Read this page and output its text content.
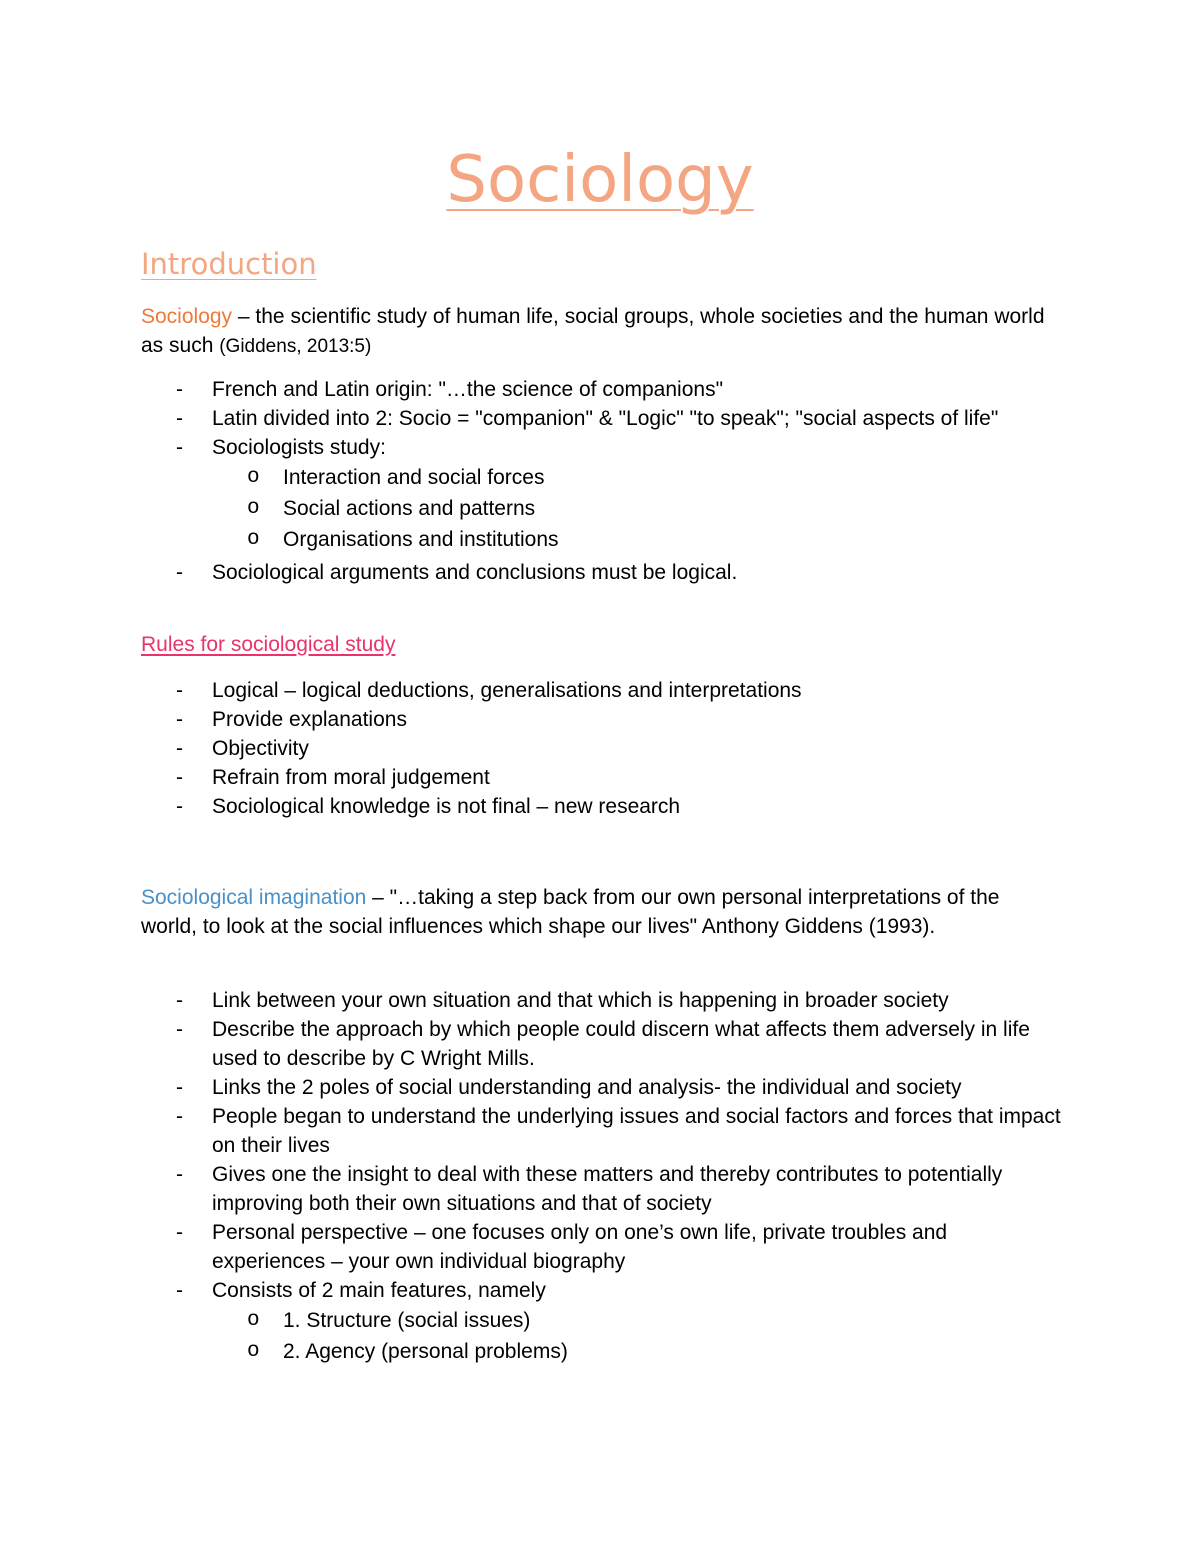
Sociology
Introduction
Sociology – the scientific study of human life, social groups, whole societies and the human world as such (Giddens, 2013:5)
- French and Latin origin: "…the science of companions"
- Latin divided into 2: Socio = "companion" & "Logic" "to speak"; "social aspects of life"
- Sociologists study:
o Interaction and social forces
o Social actions and patterns
o Organisations and institutions
- Sociological arguments and conclusions must be logical.
Rules for sociological study
- Logical – logical deductions, generalisations and interpretations
- Provide explanations
- Objectivity
- Refrain from moral judgement
- Sociological knowledge is not final – new research
Sociological imagination – "…taking a step back from our own personal interpretations of the world, to look at the social influences which shape our lives" Anthony Giddens (1993).
- Link between your own situation and that which is happening in broader society
- Describe the approach by which people could discern what affects them adversely in life used to describe by C Wright Mills.
- Links the 2 poles of social understanding and analysis- the individual and society
- People began to understand the underlying issues and social factors and forces that impact on their lives
- Gives one the insight to deal with these matters and thereby contributes to potentially improving both their own situations and that of society
- Personal perspective – one focuses only on one’s own life, private troubles and experiences – your own individual biography
- Consists of 2 main features, namely
o 1. Structure (social issues)
o 2. Agency (personal problems)
